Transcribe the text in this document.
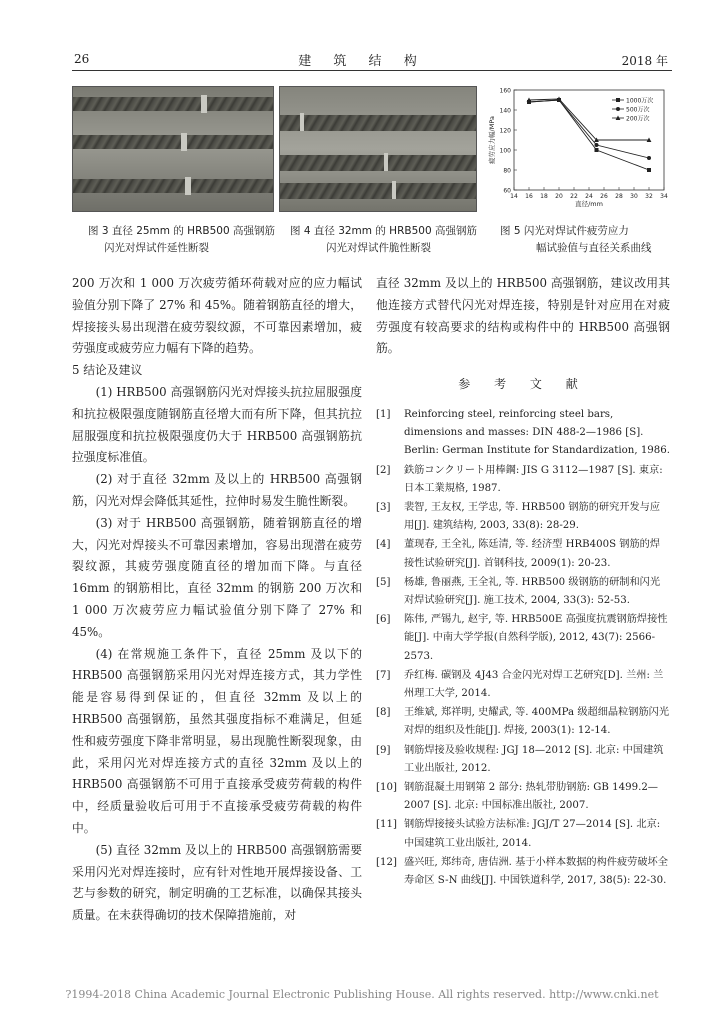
26	建 筑 结 构	2018 年
60
80
100
120
140
160
14 16 18 20 22 24 26 28 30 32 34
直径/mm
疲劳应力幅/MPa
1000万次
500万次
200万次
图 3 直径 25mm 的 HRB500 高强钢筋
闪光对焊试件延性断裂
图 4 直径 32mm 的 HRB500 高强钢筋
闪光对焊试件脆性断裂
图 5 闪光对焊试件疲劳应力
幅试验值与直径关系曲线

200 万次和 1 000 万次疲劳循环荷载对应的应力幅试验值分别下降了 27% 和 45%。随着钢筋直径的增大，焊接接头易出现潜在疲劳裂纹源，不可靠因素增加，疲劳强度或疲劳应力幅有下降的趋势。

5 结论及建议

(1) HRB500 高强钢筋闪光对焊接头抗拉屈服强度和抗拉极限强度随钢筋直径增大而有所下降，但其抗拉屈服强度和抗拉极限强度仍大于 HRB500 高强钢筋抗拉强度标准值。

(2) 对于直径 32mm 及以上的 HRB500 高强钢筋，闪光对焊会降低其延性，拉伸时易发生脆性断裂。

(3) 对于 HRB500 高强钢筋，随着钢筋直径的增大，闪光对焊接头不可靠因素增加，容易出现潜在疲劳裂纹源，其疲劳强度随直径的增加而下降。与直径 16mm 的钢筋相比，直径 32mm 的钢筋 200 万次和 1 000 万次疲劳应力幅试验值分别下降了 27% 和 45%。

(4) 在常规施工条件下，直径 25mm 及以下的 HRB500 高强钢筋采用闪光对焊连接方式，其力学性能是容易得到保证的，但直径 32mm 及以上的 HRB500 高强钢筋，虽然其强度指标不难满足，但延性和疲劳强度下降非常明显，易出现脆性断裂现象，由此，采用闪光对焊连接方式的直径 32mm 及以上的 HRB500 高强钢筋不可用于直接承受疲劳荷载的构件中，经质量验收后可用于不直接承受疲劳荷载的构件中。

(5) 直径 32mm 及以上的 HRB500 高强钢筋需要采用闪光对焊连接时，应有针对性地开展焊接设备、工艺与参数的研究，制定明确的工艺标准，以确保其接头质量。在未获得确切的技术保障措施前，对

直径 32mm 及以上的 HRB500 高强钢筋，建议改用其他连接方式替代闪光对焊连接，特别是针对应用在对疲劳强度有较高要求的结构或构件中的 HRB500 高强钢筋。

参 考 文 献
[1]	Reinforcing steel, reinforcing steel bars, dimensions and masses: DIN 488-2—1986 [S]. Berlin: German Institute for Standardization, 1986.
[2]	鉄筋コンクリート用棒鋼: JIS G 3112—1987 [S]. 東京: 日本工業規格, 1987.
[3]	裴智, 王友权, 王学忠, 等. HRB500 钢筋的研究开发与应用[J]. 建筑结构, 2003, 33(8): 28-29.
[4]	董现春, 王全礼, 陈廷清, 等. 经济型 HRB400S 钢筋的焊接性试验研究[J]. 首钢科技, 2009(1): 20-23.
[5]	杨雄, 鲁丽燕, 王全礼, 等. HRB500 级钢筋的研制和闪光对焊试验研究[J]. 施工技术, 2004, 33(3): 52-53.
[6]	陈伟, 严锡九, 赵宇, 等. HRB500E 高强度抗震钢筋焊接性能[J]. 中南大学学报(自然科学版), 2012, 43(7): 2566-2573.
[7]	乔红梅. 碳钢及 4J43 合金闪光对焊工艺研究[D]. 兰州: 兰州理工大学, 2014.
[8]	王维斌, 郑祥明, 史耀武, 等. 400MPa 级超细晶粒钢筋闪光对焊的组织及性能[J]. 焊接, 2003(1): 12-14.
[9]	钢筋焊接及验收规程: JGJ 18—2012 [S]. 北京: 中国建筑工业出版社, 2012.
[10] 钢筋混凝土用钢第 2 部分: 热轧带肋钢筋: GB 1499.2—2007 [S]. 北京: 中国标准出版社, 2007.
[11] 钢筋焊接接头试验方法标准: JGJ/T 27—2014 [S]. 北京: 中国建筑工业出版社, 2014.
[12] 盛兴旺, 郑纬奇, 唐佶洲. 基于小样本数据的构件疲劳破坏全寿命区 S-N 曲线[J]. 中国铁道科学, 2017, 38(5): 22-30.
?1994-2018 China Academic Journal Electronic Publishing House. All rights reserved. http://www.cnki.net
